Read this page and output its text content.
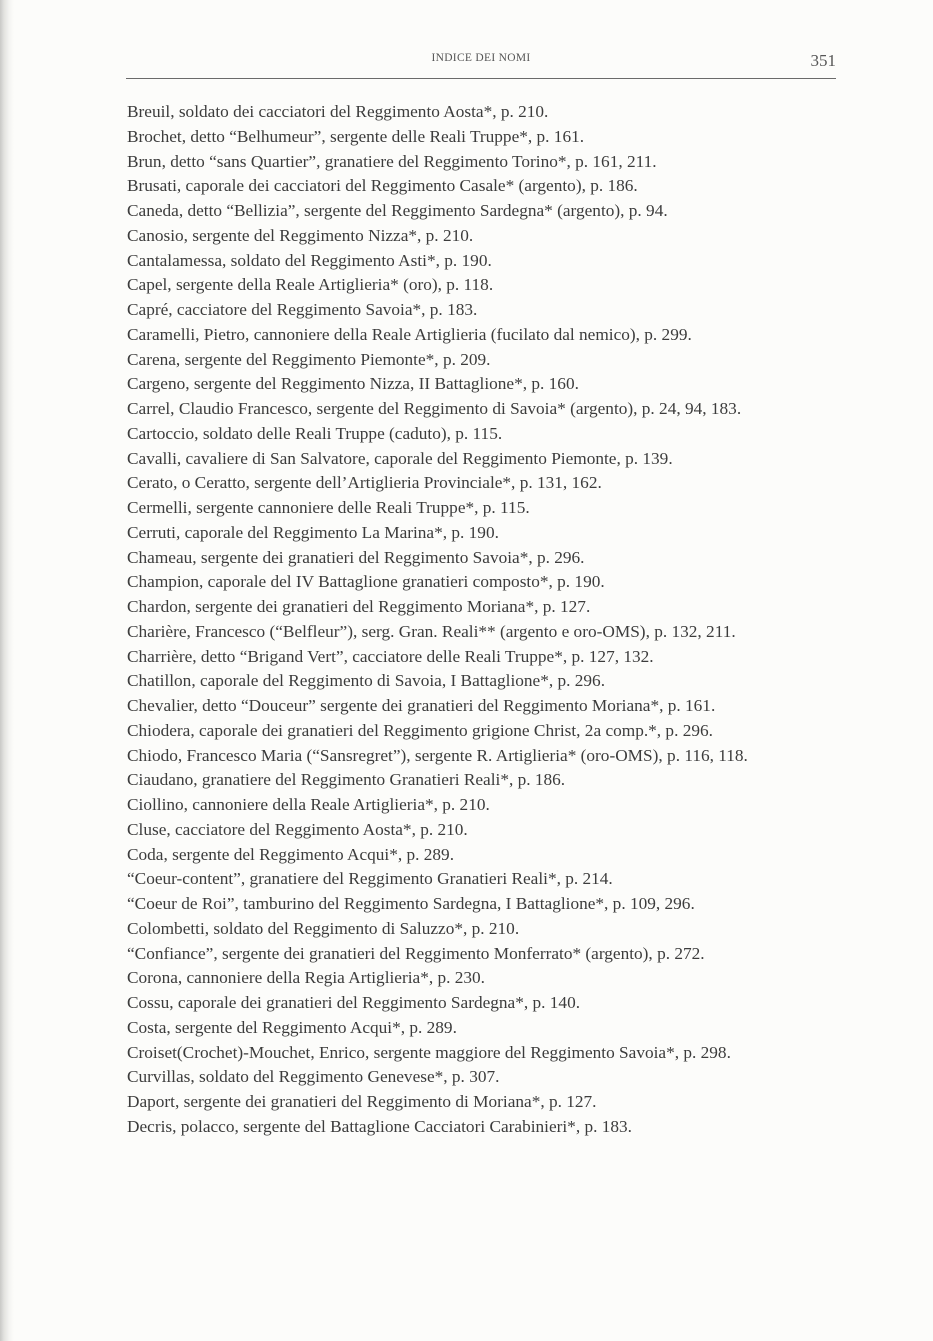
INDICE DEI NOMI	351
Breuil, soldato dei cacciatori del Reggimento Aosta*, p. 210.
Brochet, detto “Belhumeur”, sergente delle Reali Truppe*, p. 161.
Brun, detto “sans Quartier”, granatiere del Reggimento Torino*, p. 161, 211.
Brusati, caporale dei cacciatori del Reggimento Casale* (argento), p. 186.
Caneda, detto “Bellizia”, sergente del Reggimento Sardegna* (argento), p. 94.
Canosio, sergente del Reggimento Nizza*, p. 210.
Cantalamessa, soldato del Reggimento Asti*, p. 190.
Capel, sergente della Reale Artiglieria* (oro), p. 118.
Capré, cacciatore del Reggimento Savoia*, p. 183.
Caramelli, Pietro, cannoniere della Reale Artiglieria (fucilato dal nemico), p. 299.
Carena, sergente del Reggimento Piemonte*, p. 209.
Cargeno, sergente del Reggimento Nizza, II Battaglione*, p. 160.
Carrel, Claudio Francesco, sergente del Reggimento di Savoia* (argento), p. 24, 94, 183.
Cartoccio, soldato delle Reali Truppe (caduto), p. 115.
Cavalli, cavaliere di San Salvatore, caporale del Reggimento Piemonte, p. 139.
Cerato, o Ceratto, sergente dell’Artiglieria Provinciale*, p. 131, 162.
Cermelli, sergente cannoniere delle Reali Truppe*, p. 115.
Cerruti, caporale del Reggimento La Marina*, p. 190.
Chameau, sergente dei granatieri del Reggimento Savoia*, p. 296.
Champion, caporale del IV Battaglione granatieri composto*, p. 190.
Chardon, sergente dei granatieri del Reggimento Moriana*, p. 127.
Charière, Francesco (“Belfleur”), serg. Gran. Reali** (argento e oro-OMS), p. 132, 211.
Charrière, detto “Brigand Vert”, cacciatore delle Reali Truppe*, p. 127, 132.
Chatillon, caporale del Reggimento di Savoia, I Battaglione*, p. 296.
Chevalier, detto “Douceur” sergente dei granatieri del Reggimento Moriana*, p. 161.
Chiodera, caporale dei granatieri del Reggimento grigione Christ, 2a comp.*, p. 296.
Chiodo, Francesco Maria (“Sansregret”), sergente R. Artiglieria* (oro-OMS), p. 116, 118.
Ciaudano, granatiere del Reggimento Granatieri Reali*, p. 186.
Ciollino, cannoniere della Reale Artiglieria*, p. 210.
Cluse, cacciatore del Reggimento Aosta*, p. 210.
Coda, sergente del Reggimento Acqui*, p. 289.
“Coeur-content”, granatiere del Reggimento Granatieri Reali*, p. 214.
“Coeur de Roi”, tamburino del Reggimento Sardegna, I Battaglione*, p. 109, 296.
Colombetti, soldato del Reggimento di Saluzzo*, p. 210.
“Confiance”, sergente dei granatieri del Reggimento Monferrato* (argento), p. 272.
Corona, cannoniere della Regia Artiglieria*, p. 230.
Cossu, caporale dei granatieri del Reggimento Sardegna*, p. 140.
Costa, sergente del Reggimento Acqui*, p. 289.
Croiset(Crochet)-Mouchet, Enrico, sergente maggiore del Reggimento Savoia*, p. 298.
Curvillas, soldato del Reggimento Genevese*, p. 307.
Daport, sergente dei granatieri del Reggimento di Moriana*, p. 127.
Decris, polacco, sergente del Battaglione Cacciatori Carabinieri*, p. 183.
